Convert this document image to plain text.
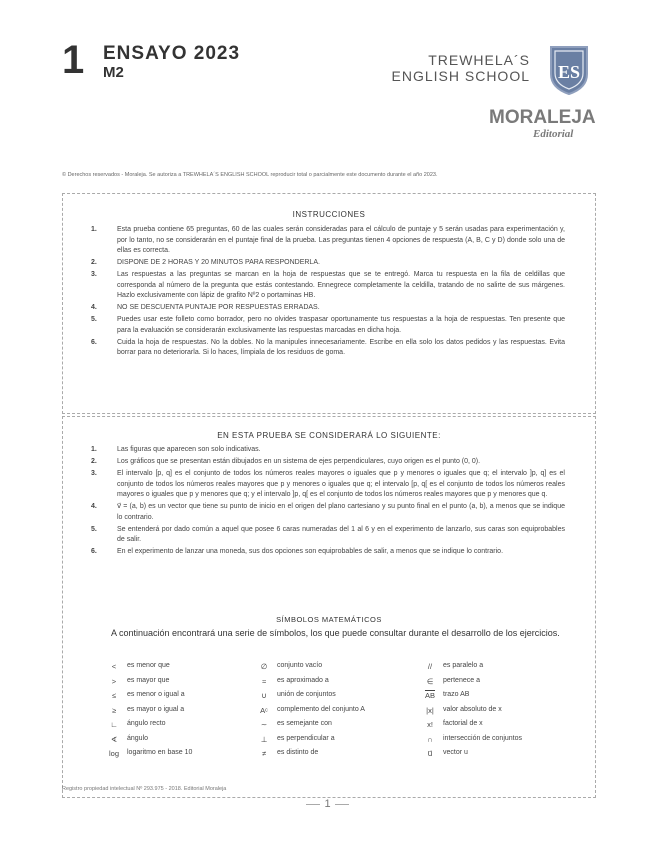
1 ENSAYO 2023
M2
TREWHELA´S
ENGLISH SCHOOL ES
MORALEJA
Editorial
© Derechos reservados - Moraleja. Se autoriza a TREWHELA´S ENGLISH SCHOOL reproducir total o parcialmente este documento durante el año 2023.
INSTRUCCIONES
1.	Esta prueba contiene 65 preguntas, 60 de las cuales serán consideradas para el cálculo de puntaje y 5 serán usadas para experimentación y, por lo tanto, no se considerarán en el puntaje final de la prueba. Las preguntas tienen 4 opciones de respuesta (A, B, C y D) donde solo una de ellas es correcta.
2.	DISPONE DE 2 HORAS Y 20 MINUTOS PARA RESPONDERLA.
3.	Las respuestas a las preguntas se marcan en la hoja de respuestas que se te entregó. Marca tu respuesta en la fila de celdillas que corresponda al número de la pregunta que estás contestando. Ennegrece completamente la celdilla, tratando de no salirte de sus márgenes. Hazlo exclusivamente con lápiz de grafito Nº2 o portaminas HB.
4.	NO SE DESCUENTA PUNTAJE POR RESPUESTAS ERRADAS.
5.	Puedes usar este folleto como borrador, pero no olvides traspasar oportunamente tus respuestas a la hoja de respuestas. Ten presente que para la evaluación se considerarán exclusivamente las respuestas marcadas en dicha hoja.
6.	Cuida la hoja de respuestas. No la dobles. No la manipules innecesariamente. Escribe en ella solo los datos pedidos y las respuestas. Evita borrar para no deteriorarla. Si lo haces, límpiala de los residuos de goma.
EN ESTA PRUEBA SE CONSIDERARÁ LO SIGUIENTE:
1.	Las figuras que aparecen son solo indicativas.
2.	Los gráficos que se presentan están dibujados en un sistema de ejes perpendiculares, cuyo origen es el punto (0, 0).
3.	El intervalo [p, q] es el conjunto de todos los números reales mayores o iguales que p y menores o iguales que q; el intervalo ]p, q] es el conjunto de todos los números reales mayores que p y menores o iguales que q; el intervalo [p, q[ es el conjunto de todos los números reales mayores o iguales que p y menores que q; y el intervalo ]p, q[ es el conjunto de todos los números reales mayores que p y menores que q.
4.	v⃗ = (a, b) es un vector que tiene su punto de inicio en el origen del plano cartesiano y su punto final en el punto (a, b), a menos que se indique lo contrario.
5.	Se entenderá por dado común a aquel que posee 6 caras numeradas del 1 al 6 y en el experimento de lanzarlo, sus caras son equiprobables de salir.
6.	En el experimento de lanzar una moneda, sus dos opciones son equiprobables de salir, a menos que se indique lo contrario.
SÍMBOLOS MATEMÁTICOS
A continuación encontrará una serie de símbolos, los que puede consultar durante el desarrollo de los ejercicios.
<	es menor que
>	es mayor que
≤	es menor o igual a
≥	es mayor o igual a
∟	ángulo recto
∢	ángulo
log	logaritmo en base 10
∅	conjunto vacío
≈	es aproximado a
∪	unión de conjuntos
Aᶜ	complemento del conjunto A
∼	es semejante con
⊥	es perpendicular a
≠	es distinto de
//	es paralelo a
∈	pertenece a
$\overline{AB}$	trazo AB
|x|	valor absoluto de x
x!	factorial de x
∩	intersección de conjuntos
u⃗	vector u
Registro propiedad intelectual Nº 293.975 - 2018. Editorial Moraleja
1
